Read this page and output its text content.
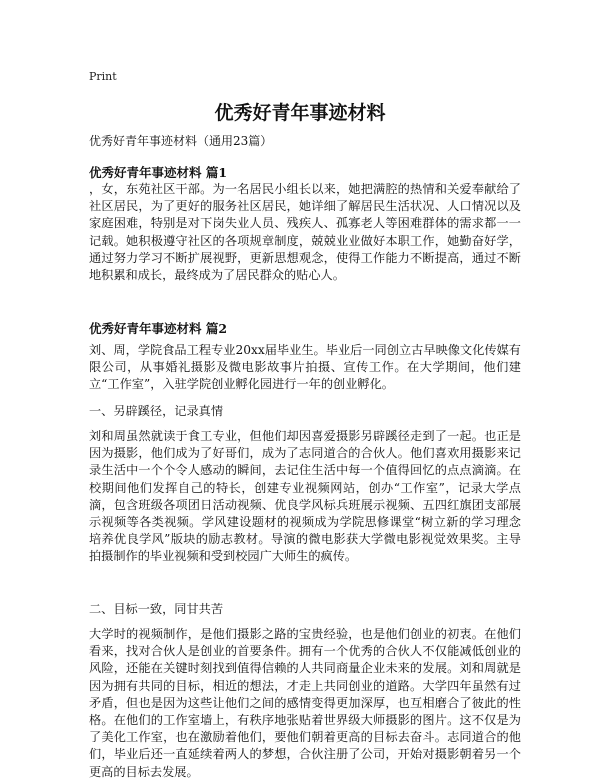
Print
优秀好青年事迹材料
优秀好青年事迹材料（通用23篇）
优秀好青年事迹材料 篇1

，女，东苑社区干部。为一名居民小组长以来，她把满腔的热情和关爱奉献给了社区居民，为了更好的服务社区居民，她详细了解居民生活状况、人口情况以及家庭困难，特别是对下岗失业人员、残疾人、孤寡老人等困难群体的需求都一一记载。她积极遵守社区的各项规章制度，兢兢业业做好本职工作，她勤奋好学，通过努力学习不断扩展视野，更新思想观念，使得工作能力不断提高，通过不断地积累和成长，最终成为了居民群众的贴心人。

优秀好青年事迹材料 篇2

刘、周，学院食品工程专业20xx届毕业生。毕业后一同创立古早映像文化传媒有限公司，从事婚礼摄影及微电影故事片拍摄、宣传工作。在大学期间，他们建立“工作室”，入驻学院创业孵化园进行一年的创业孵化。

一、另辟蹊径，记录真情

刘和周虽然就读于食工专业，但他们却因喜爱摄影另辟蹊径走到了一起。也正是因为摄影，他们成为了好哥们，成为了志同道合的合伙人。他们喜欢用摄影来记录生活中一个个令人感动的瞬间，去记住生活中每一个值得回忆的点点滴滴。在校期间他们发挥自己的特长，创建专业视频网站，创办“工作室”，记录大学点滴，包含班级各项团日活动视频、优良学风标兵班展示视频、五四红旗团支部展示视频等各类视频。学风建设题材的视频成为学院思修课堂“树立新的学习理念 培养优良学风”版块的励志教材。导演的微电影获大学微电影视觉效果奖。主导拍摄制作的毕业视频和受到校园广大师生的疯传。

二、目标一致，同甘共苦

大学时的视频制作，是他们摄影之路的宝贵经验，也是他们创业的初衷。在他们看来，找对合伙人是创业的首要条件。拥有一个优秀的合伙人不仅能减低创业的风险，还能在关键时刻找到值得信赖的人共同商量企业未来的发展。刘和周就是因为拥有共同的目标，相近的想法，才走上共同创业的道路。大学四年虽然有过矛盾，但也是因为这些让他们之间的感情变得更加深厚，也互相磨合了彼此的性格。在他们的工作室墙上，有秩序地张贴着世界级大师摄影的图片。这不仅是为了美化工作室，也在激励着他们，要他们朝着更高的目标去奋斗。志同道合的他们，毕业后还一直延续着两人的梦想，合伙注册了公司，开始对摄影朝着另一个更高的目标去发展。
